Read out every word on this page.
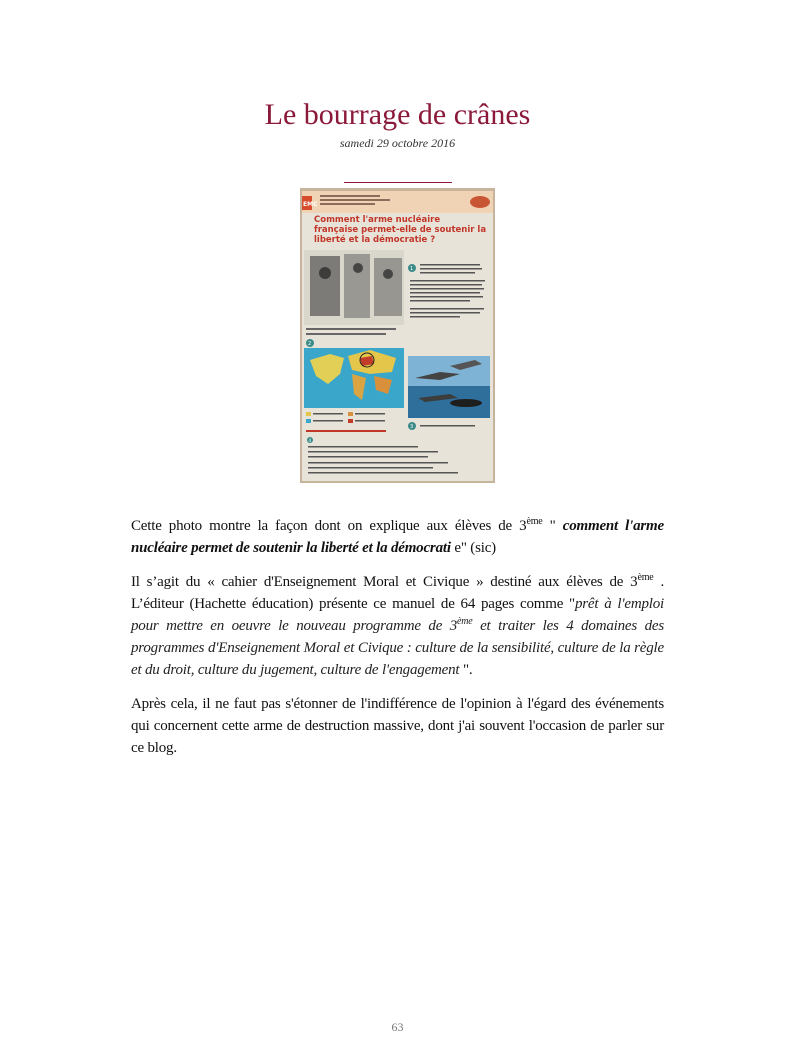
Le bourrage de crânes
samedi 29 octobre 2016
EMC
Comment l'arme nucléaire
française permet-elle de soutenir la
liberté et la démocratie ?
1
2
3
4

Cette photo montre la façon dont on explique aux élèves de 3ème " comment l'arme nucléaire permet de soutenir la liberté et la démocrati e" (sic)

Il s’agit du « cahier d'Enseignement Moral et Civique » destiné aux élèves de 3ème . L’éditeur (Hachette éducation) présente ce manuel de 64 pages comme "prêt à l'emploi pour mettre en oeuvre le nouveau programme de 3ème et traiter les 4 domaines des programmes d'Enseignement Moral et Civique : culture de la sensibilité, culture de la règle et du droit, culture du jugement, culture de l'engagement ".

Après cela, il ne faut pas s'étonner de l'indifférence de l'opinion à l'égard des événements qui concernent cette arme de destruction massive, dont j'ai souvent l'occasion de parler sur ce blog.

63
